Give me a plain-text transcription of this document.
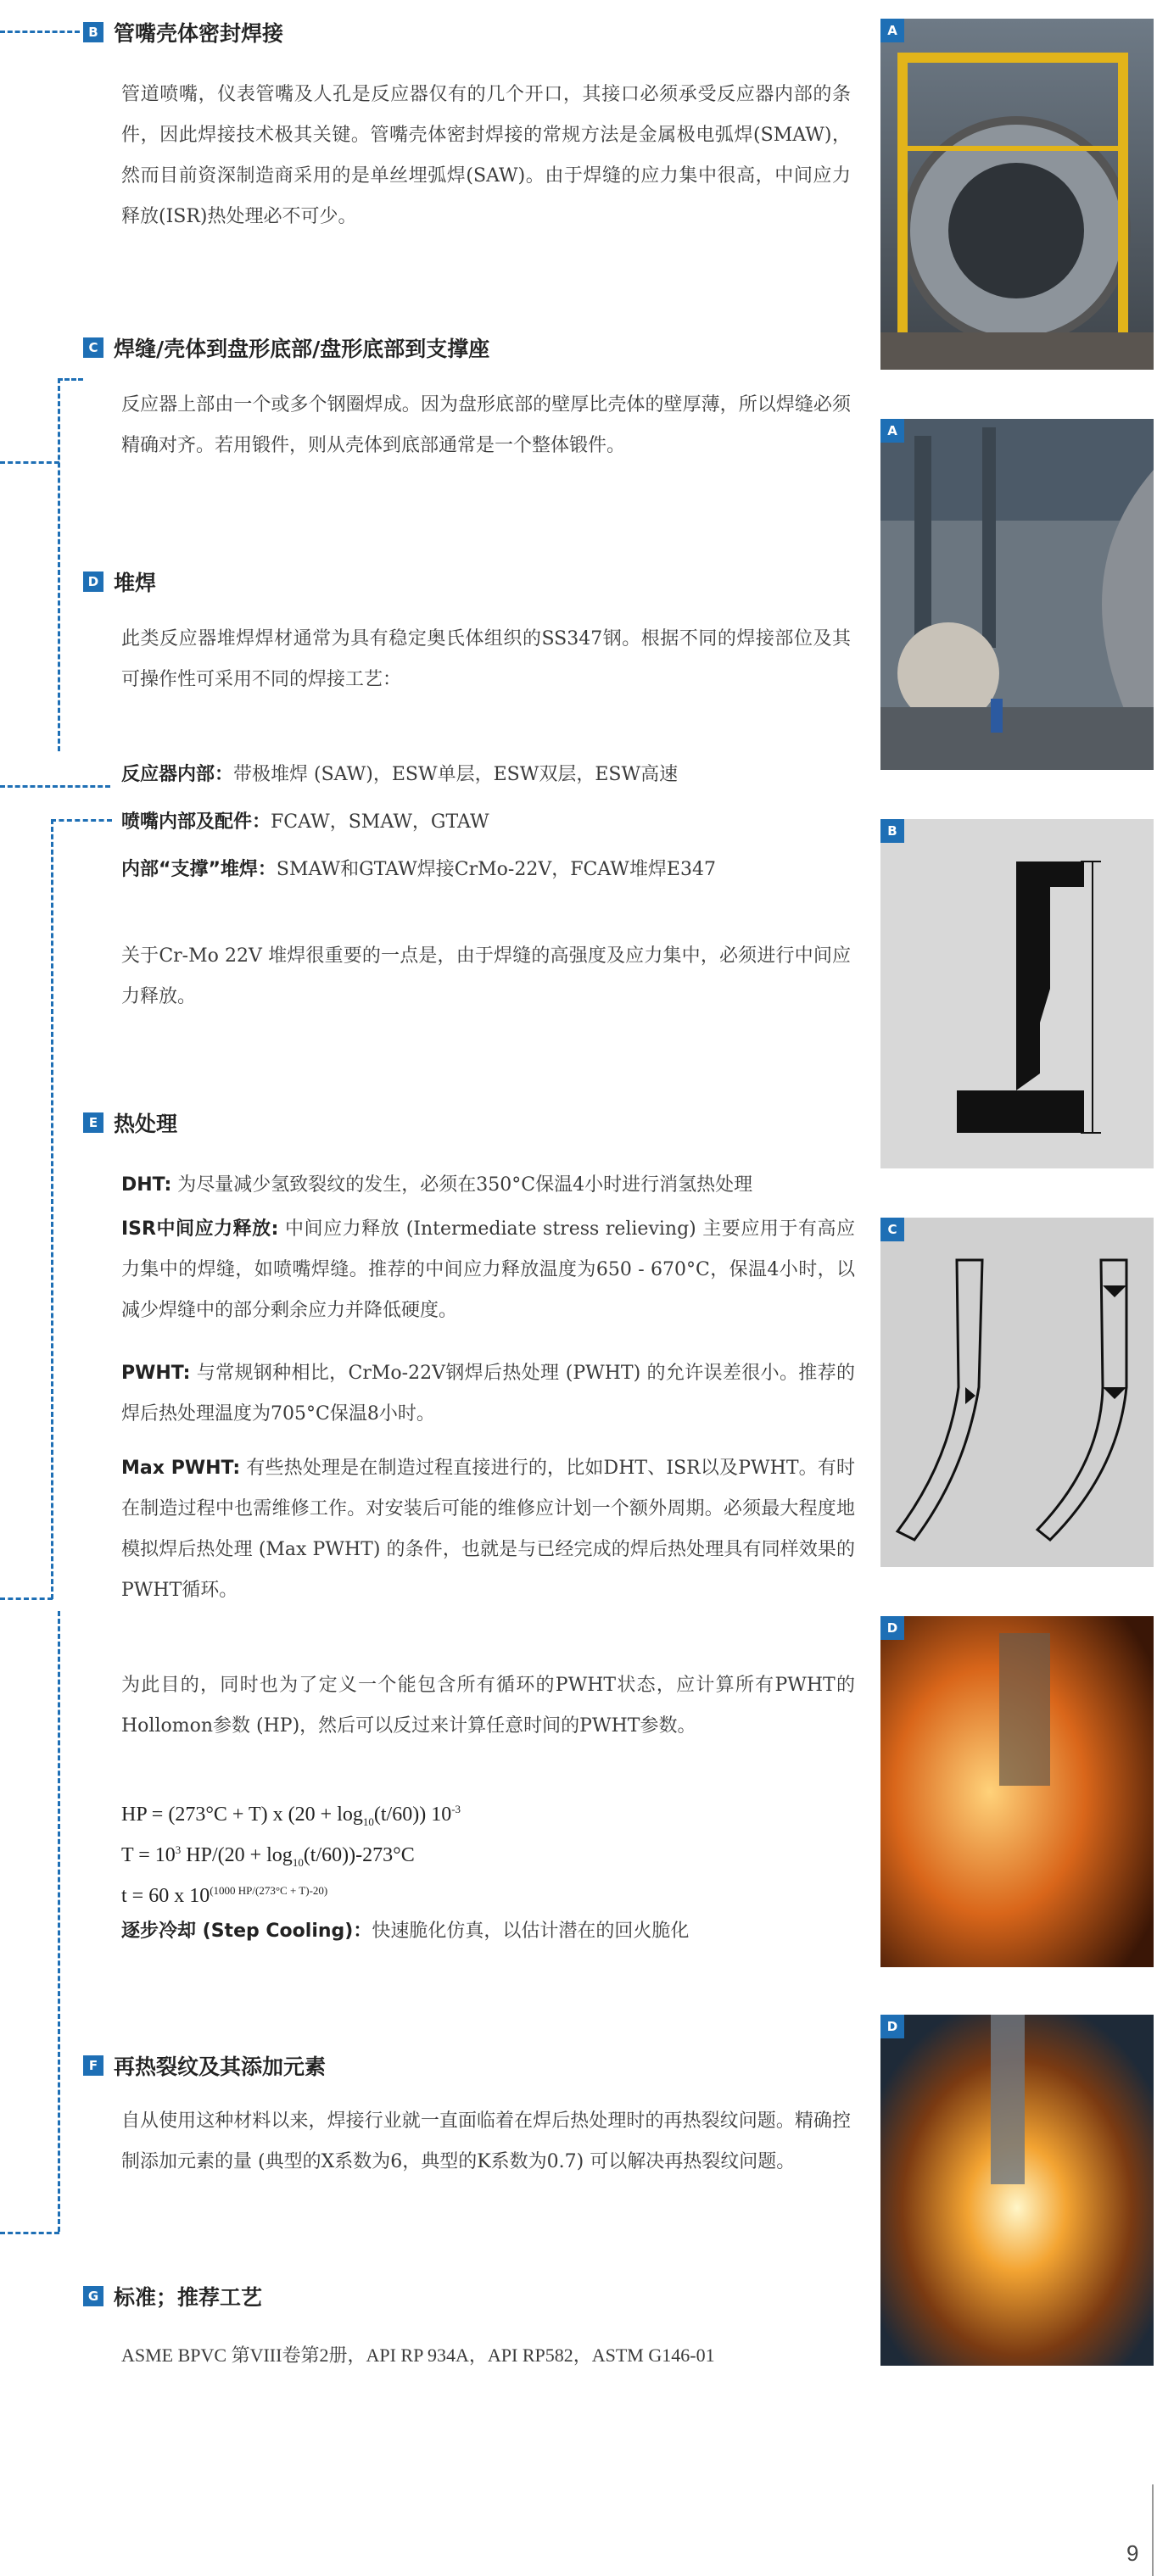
B 管嘴壳体密封焊接

管道喷嘴，仪表管嘴及人孔是反应器仅有的几个开口，其接口必须承受反应器内部的条件，因此焊接技术极其关键。管嘴壳体密封焊接的常规方法是金属极电弧焊(SMAW)，然而目前资深制造商采用的是单丝埋弧焊(SAW)。由于焊缝的应力集中很高，中间应力释放(ISR)热处理必不可少。

C 焊缝/壳体到盘形底部/盘形底部到支撑座

反应器上部由一个或多个钢圈焊成。因为盘形底部的壁厚比壳体的壁厚薄，所以焊缝必须精确对齐。若用锻件，则从壳体到底部通常是一个整体锻件。

D 堆焊

此类反应器堆焊焊材通常为具有稳定奥氏体组织的SS347钢。根据不同的焊接部位及其可操作性可采用不同的焊接工艺：

反应器内部：带极堆焊 (SAW)，ESW单层，ESW双层，ESW高速
喷嘴内部及配件：FCAW，SMAW，GTAW
内部“支撑”堆焊：SMAW和GTAW焊接CrMo-22V，FCAW堆焊E347

关于Cr-Mo 22V 堆焊很重要的一点是，由于焊缝的高强度及应力集中，必须进行中间应力释放。

E 热处理

DHT: 为尽量减少氢致裂纹的发生，必须在350°C保温4小时进行消氢热处理

ISR中间应力释放: 中间应力释放 (Intermediate stress relieving) 主要应用于有高应力集中的焊缝，如喷嘴焊缝。推荐的中间应力释放温度为650 - 670°C，保温4小时，以减少焊缝中的部分剩余应力并降低硬度。

PWHT: 与常规钢种相比，CrMo-22V钢焊后热处理 (PWHT) 的允许误差很小。推荐的焊后热处理温度为705°C保温8小时。

Max PWHT: 有些热处理是在制造过程直接进行的，比如DHT、ISR以及PWHT。有时在制造过程中也需维修工作。对安装后可能的维修应计划一个额外周期。必须最大程度地模拟焊后热处理 (Max PWHT) 的条件，也就是与已经完成的焊后热处理具有同样效果的PWHT循环。

为此目的，同时也为了定义一个能包含所有循环的PWHT状态，应计算所有PWHT的Hollomon参数 (HP)，然后可以反过来计算任意时间的PWHT参数。

HP = (273°C + T) x $(20 + \log_{10}(t/60))$ $10^{-3}$
$T = 10^3$ $HP/(20 + \log_{10}(t/60))-273^\circ C$
t = 60 x $10^{(1000 HP/(273^\circ C + T)-20)}$
逐步冷却 (Step Cooling)：快速脆化仿真，以估计潜在的回火脆化
F 再热裂纹及其添加元素

自从使用这种材料以来，焊接行业就一直面临着在焊后热处理时的再热裂纹问题。精确控制添加元素的量 (典型的X系数为6，典型的K系数为0.7) 可以解决再热裂纹问题。

G 标准；推荐工艺

ASME BPVC 第VIII卷第2册，API RP 934A，API RP582，ASTM G146-01

A
A
B
C
D
D
9
